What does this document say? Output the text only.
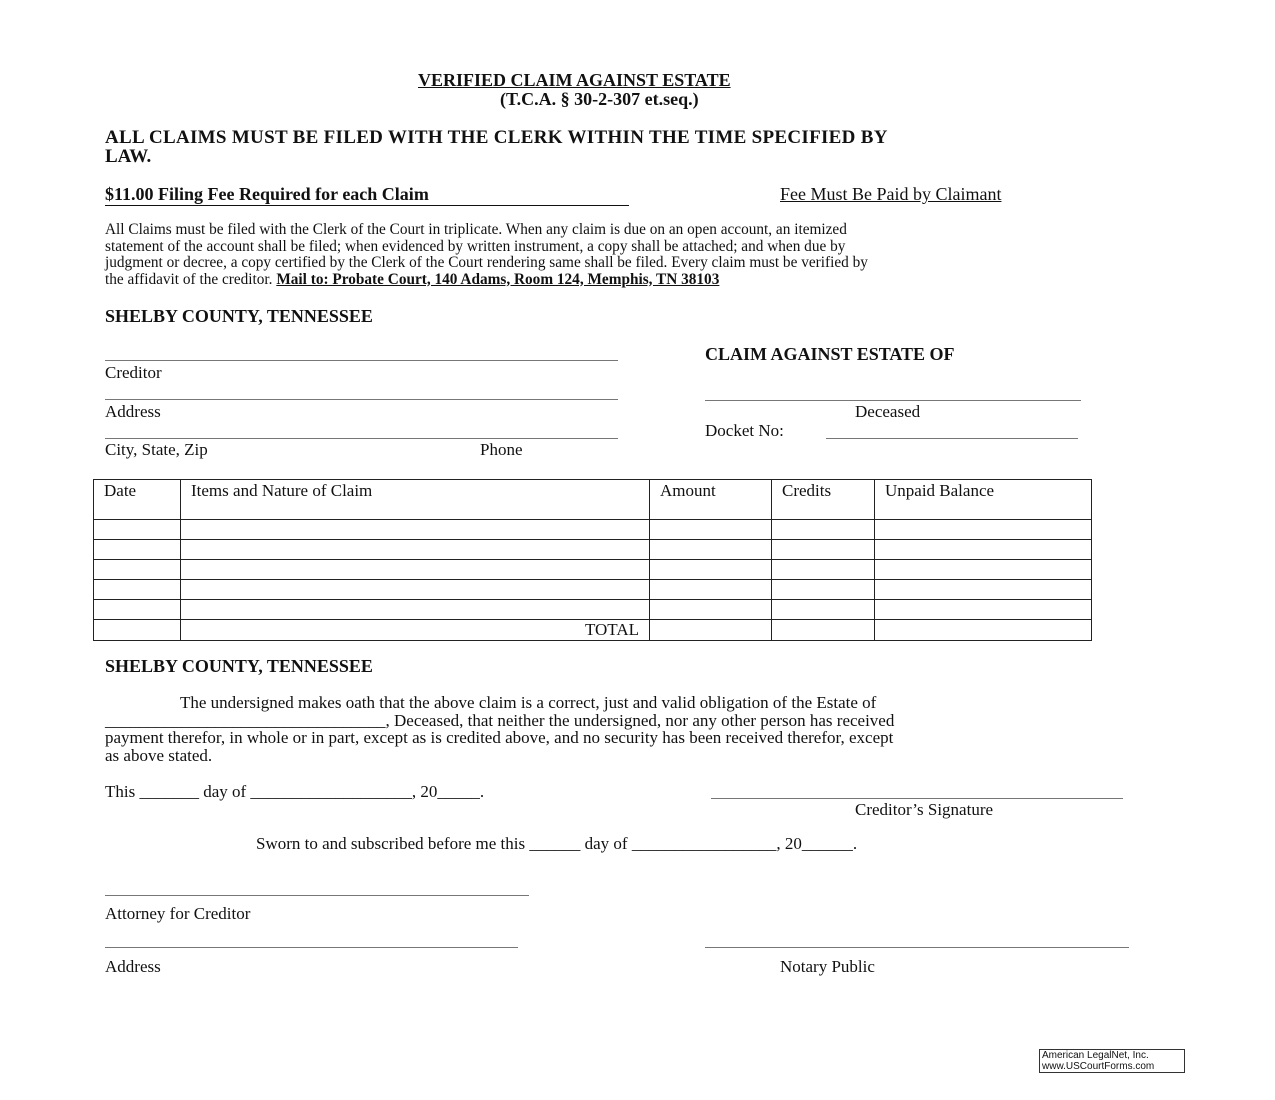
VERIFIED CLAIM AGAINST ESTATE
(T.C.A. § 30-2-307 et.seq.)
ALL CLAIMS MUST BE FILED WITH THE CLERK WITHIN THE TIME SPECIFIED BY
LAW.
$11.00 Filing Fee Required for each Claim	Fee Must Be Paid by Claimant
All Claims must be filed with the Clerk of the Court in triplicate. When any claim is due on an open account, an itemized
statement of the account shall be filed; when evidenced by written instrument, a copy shall be attached; and when due by
judgment or decree, a copy certified by the Clerk of the Court rendering same shall be filed. Every claim must be verified by
the affidavit of the creditor. Mail to: Probate Court, 140 Adams, Room 124, Memphis, TN 38103
SHELBY COUNTY, TENNESSEE
Creditor
Address
City, State, Zip	Phone
CLAIM AGAINST ESTATE OF
Deceased
Docket No:
Date	Items and Nature of Claim	Amount	Credits	Unpaid Balance

	TOTAL			
SHELBY COUNTY, TENNESSEE
The undersigned makes oath that the above claim is a correct, just and valid obligation of the Estate of
_________________________________, Deceased, that neither the undersigned, nor any other person has received
payment therefor, in whole or in part, except as is credited above, and no security has been received therefor, except
as above stated.
This _______ day of ___________________, 20_____.
Creditor’s Signature
Sworn to and subscribed before me this ______ day of _________________, 20______.
Attorney for Creditor
Address	Notary Public
American LegalNet, Inc.
www.USCourtForms.com
